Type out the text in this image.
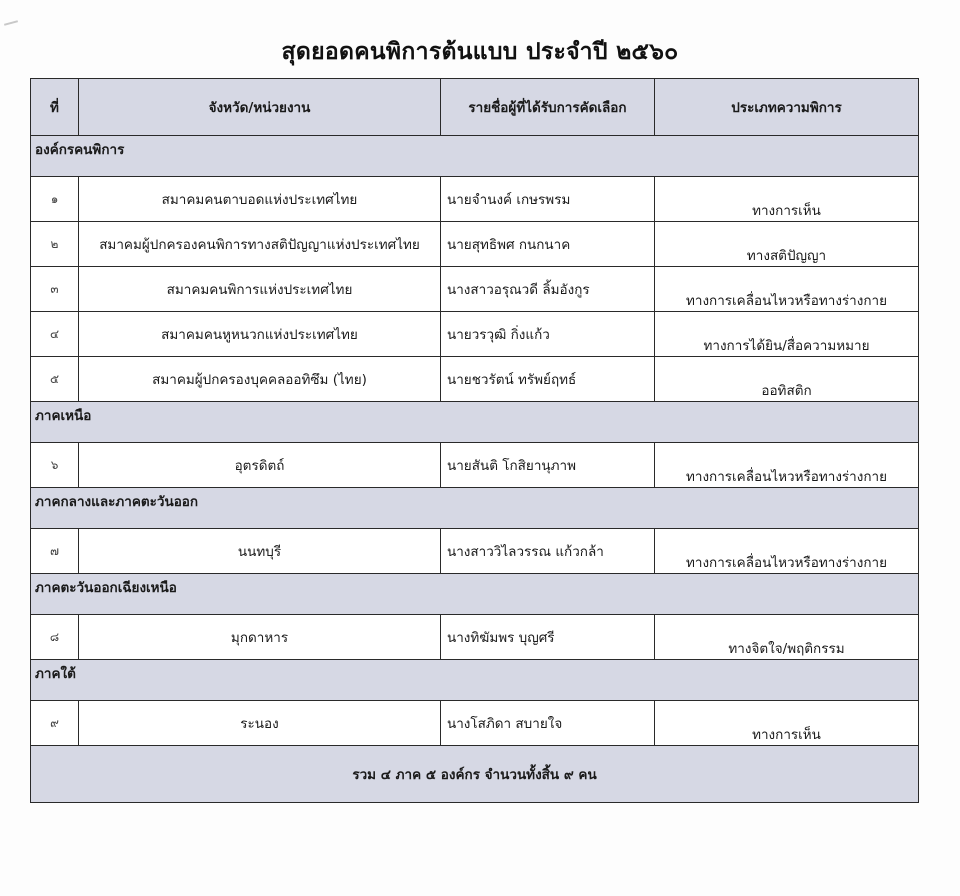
สุดยอดคนพิการต้นแบบ ประจำปี ๒๕๖๐
ที่	จังหวัด/หน่วยงาน	รายชื่อผู้ที่ได้รับการคัดเลือก	ประเภทความพิการ
องค์กรคนพิการ			
๑	สมาคมคนตาบอดแห่งประเทศไทย	นายจำนงค์ เกษรพรม	ทางการเห็น
๒	สมาคมผู้ปกครองคนพิการทางสติปัญญาแห่งประเทศไทย	นายสุทธิพศ กนกนาค	ทางสติปัญญา
๓	สมาคมคนพิการแห่งประเทศไทย	นางสาวอรุณวดี ลิ้มอังกูร	ทางการเคลื่อนไหวหรือทางร่างกาย
๔	สมาคมคนหูหนวกแห่งประเทศไทย	นายวรวุฒิ กิ่งแก้ว	ทางการได้ยิน/สื่อความหมาย
๕	สมาคมผู้ปกครองบุคคลออทิซึม (ไทย)	นายชวรัตน์ ทรัพย์ฤทธ์	ออทิสติก
ภาคเหนือ			
๖	อุตรดิตถ์	นายสันติ โกสิยานุภาพ	ทางการเคลื่อนไหวหรือทางร่างกาย
ภาคกลางและภาคตะวันออก			
๗	นนทบุรี	นางสาววิไลวรรณ แก้วกล้า	ทางการเคลื่อนไหวหรือทางร่างกาย
ภาคตะวันออกเฉียงเหนือ			
๘	มุกดาหาร	นางทิฆัมพร บุญศรี	ทางจิตใจ/พฤติกรรม
ภาคใต้			
๙	ระนอง	นางโสภิดา สบายใจ	ทางการเห็น
รวม ๔ ภาค ๕ องค์กร จำนวนทั้งสิ้น ๙ คน			
